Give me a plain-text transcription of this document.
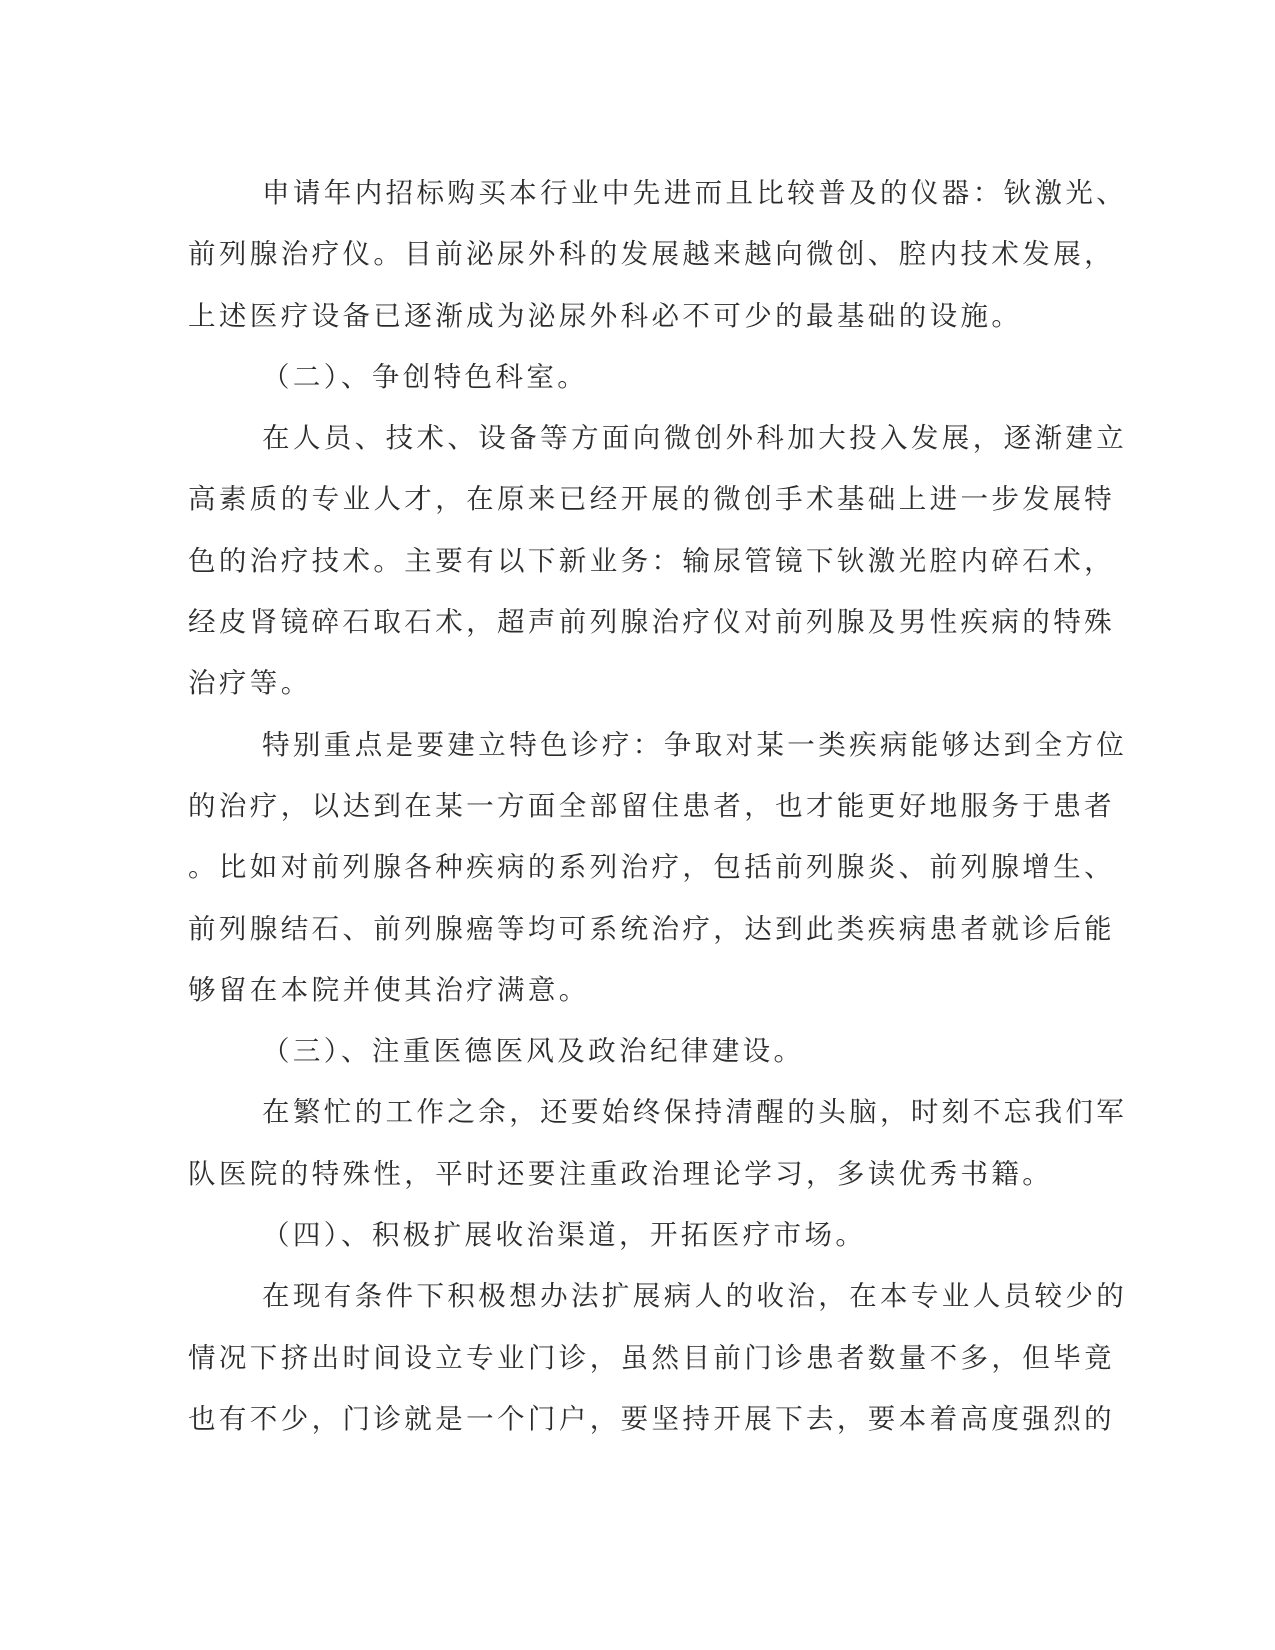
申请年内招标购买本行业中先进而且比较普及的仪器：钬激光、
前列腺治疗仪。目前泌尿外科的发展越来越向微创、腔内技术发展，
上述医疗设备已逐渐成为泌尿外科必不可少的最基础的设施。
（二）、争创特色科室。
在人员、技术、设备等方面向微创外科加大投入发展，逐渐建立
高素质的专业人才，在原来已经开展的微创手术基础上进一步发展特
色的治疗技术。主要有以下新业务：输尿管镜下钬激光腔内碎石术，
经皮肾镜碎石取石术，超声前列腺治疗仪对前列腺及男性疾病的特殊
治疗等。
特别重点是要建立特色诊疗：争取对某一类疾病能够达到全方位
的治疗，以达到在某一方面全部留住患者，也才能更好地服务于患者
。比如对前列腺各种疾病的系列治疗，包括前列腺炎、前列腺增生、
前列腺结石、前列腺癌等均可系统治疗，达到此类疾病患者就诊后能
够留在本院并使其治疗满意。
（三）、注重医德医风及政治纪律建设。
在繁忙的工作之余，还要始终保持清醒的头脑，时刻不忘我们军
队医院的特殊性，平时还要注重政治理论学习，多读优秀书籍。
（四）、积极扩展收治渠道，开拓医疗市场。
在现有条件下积极想办法扩展病人的收治，在本专业人员较少的
情况下挤出时间设立专业门诊，虽然目前门诊患者数量不多，但毕竟
也有不少，门诊就是一个门户，要坚持开展下去，要本着高度强烈的
